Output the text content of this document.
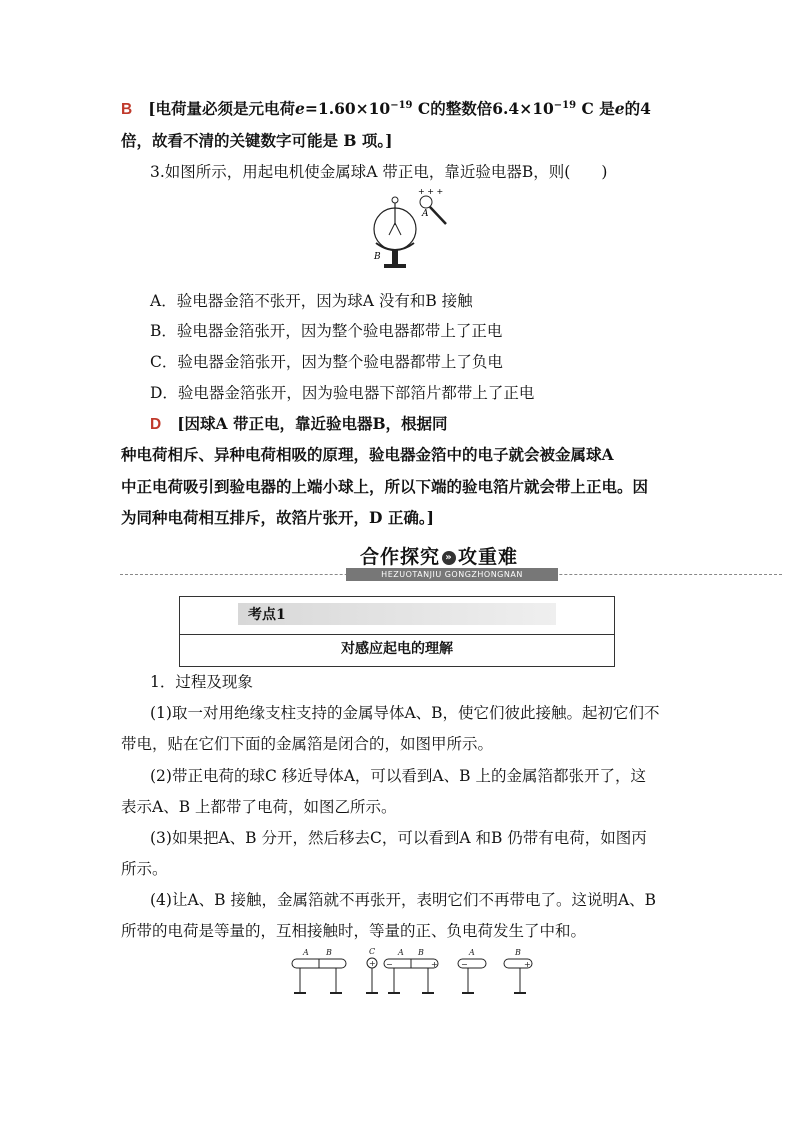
B [电荷量必须是元电荷$e=1.60\times 10^{-19}$ C的整数倍$6.4\times 10^{-19}$ C 是e的4
倍，故看不清的关键数字可能是 B 项。]
3.如图所示，用起电机使金属球A 带正电，靠近验电器B，则(　　)
+ + +
A
B
A．验电器金箔不张开，因为球A 没有和B 接触
B．验电器金箔张开，因为整个验电器都带上了正电
C．验电器金箔张开，因为整个验电器都带上了负电
D．验电器金箔张开，因为验电器下部箔片都带上了正电
D [因球A 带正电，靠近验电器B，根据同
种电荷相斥、异种电荷相吸的原理，验电器金箔中的电子就会被金属球A
中正电荷吸引到验电器的上端小球上，所以下端的验电箔片就会带上正电。因
为同种电荷相互排斥，故箔片张开，D 正确。]
合作探究 » 攻重难
HEZUOTANJIU GONGZHONGNAN
考点1
对感应起电的理解
1．过程及现象
(1)取一对用绝缘支柱支持的金属导体A、B，使它们彼此接触。起初它们不
带电，贴在它们下面的金属箔是闭合的，如图甲所示。
(2)带正电荷的球C 移近导体A，可以看到A、B 上的金属箔都张开了，这
表示A、B 上都带了电荷，如图乙所示。
(3)如果把A、B 分开，然后移去C，可以看到A 和B 仍带有电荷，如图丙
所示。
(4)让A、B 接触，金属箔就不再张开，表明它们不再带电了。这说明A、B
所带的电荷是等量的，互相接触时，等量的正、负电荷发生了中和。
A B	C	A B	A	B
+ −	+	−	+
